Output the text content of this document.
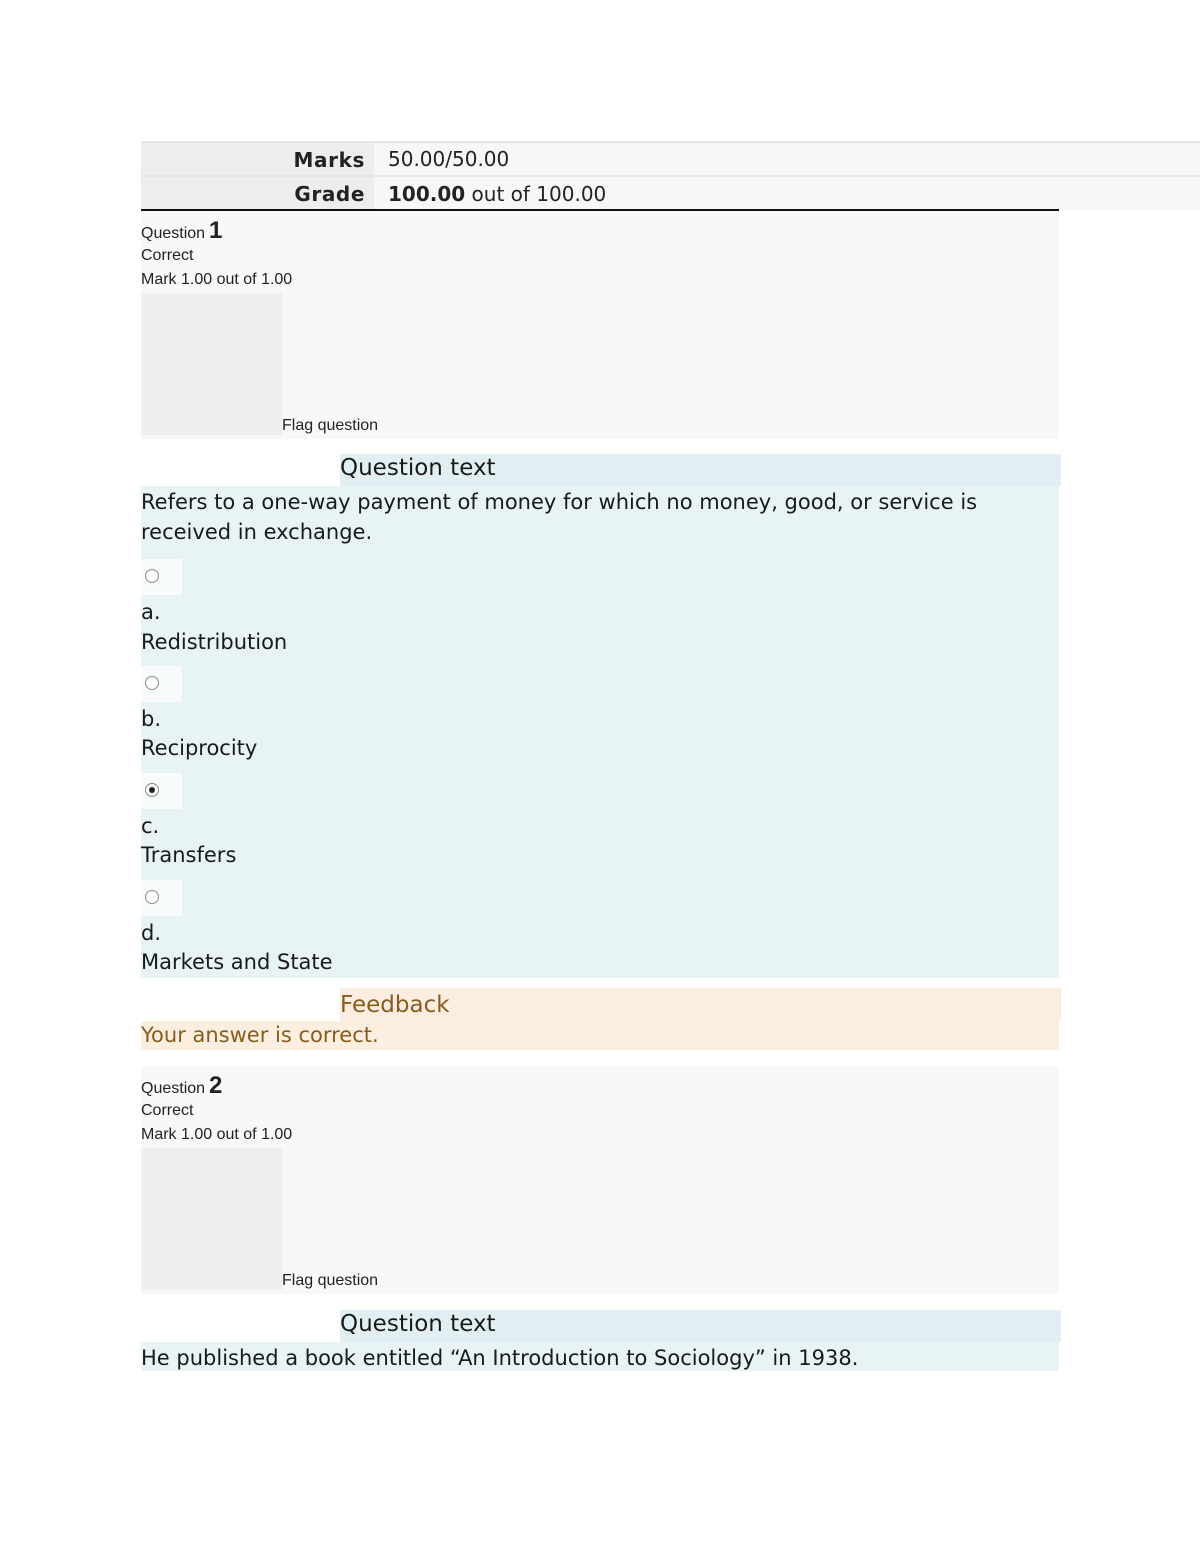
Marks 50.00/50.00
Grade 100.00 out of 100.00
Question 1
Correct
Mark 1.00 out of 1.00
Flag question
Question text
Refers to a one-way payment of money for which no money, good, or service is received in exchange.
a.
Redistribution
b.
Reciprocity
c.
Transfers
d.
Markets and State
Feedback
Your answer is correct.
Question 2
Correct
Mark 1.00 out of 1.00
Flag question
Question text
He published a book entitled “An Introduction to Sociology” in 1938.
